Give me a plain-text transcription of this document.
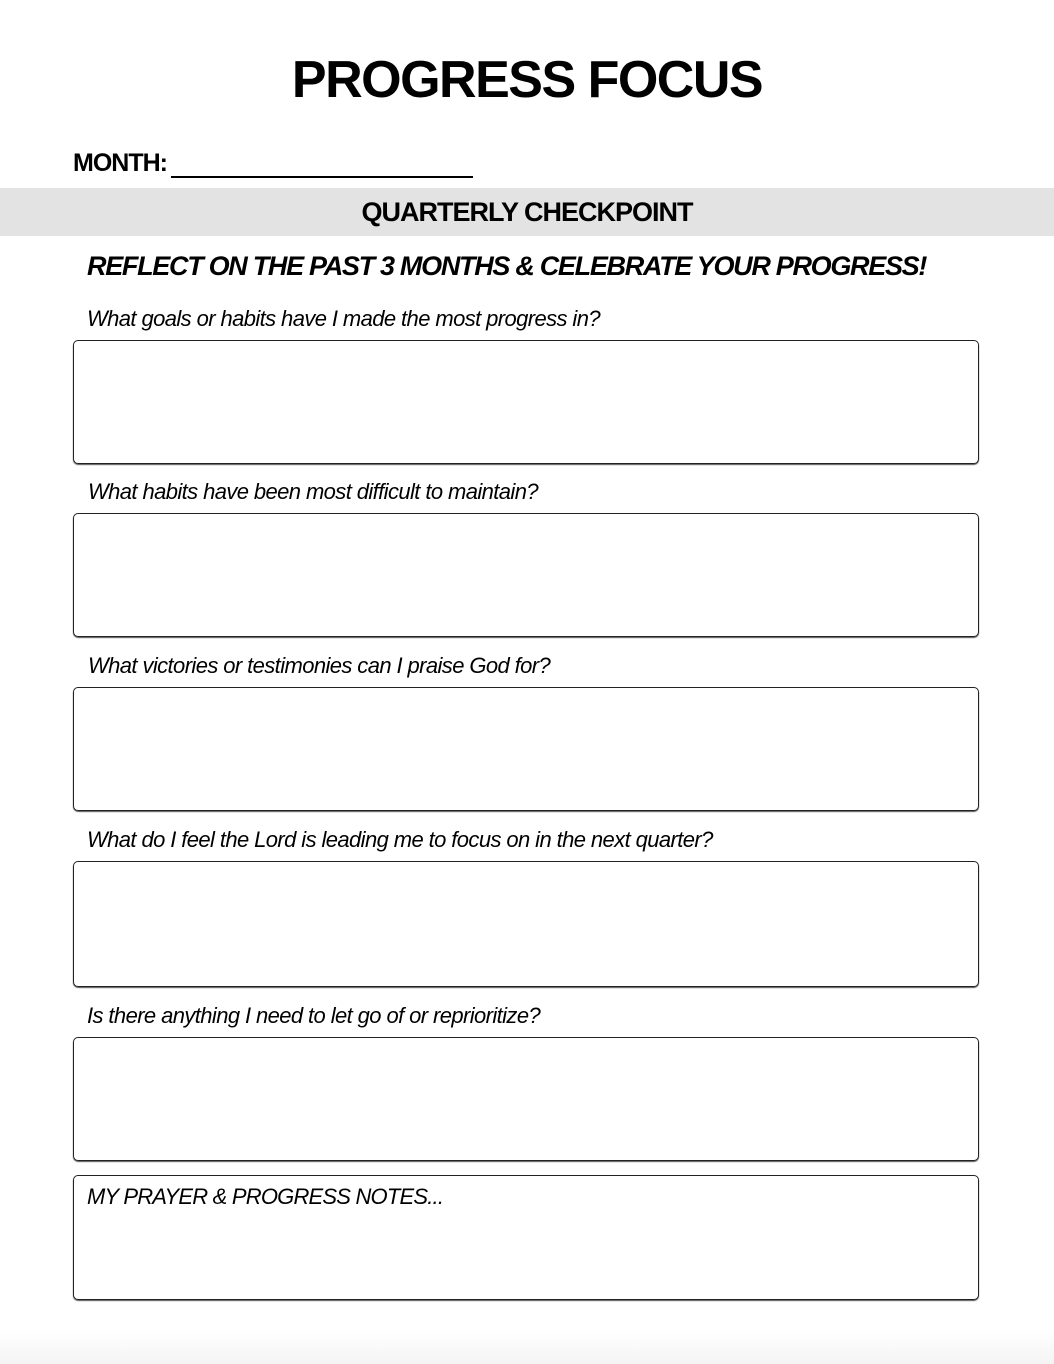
PROGRESS FOCUS
MONTH:
QUARTERLY CHECKPOINT
REFLECT ON THE PAST 3 MONTHS & CELEBRATE YOUR PROGRESS!
What goals or habits have I made the most progress in?
What habits have been most difficult to maintain?
What victories or testimonies can I praise God for?
What do I feel the Lord is leading me to focus on in the next quarter?
Is there anything I need to let go of or reprioritize?
MY PRAYER & PROGRESS NOTES...
